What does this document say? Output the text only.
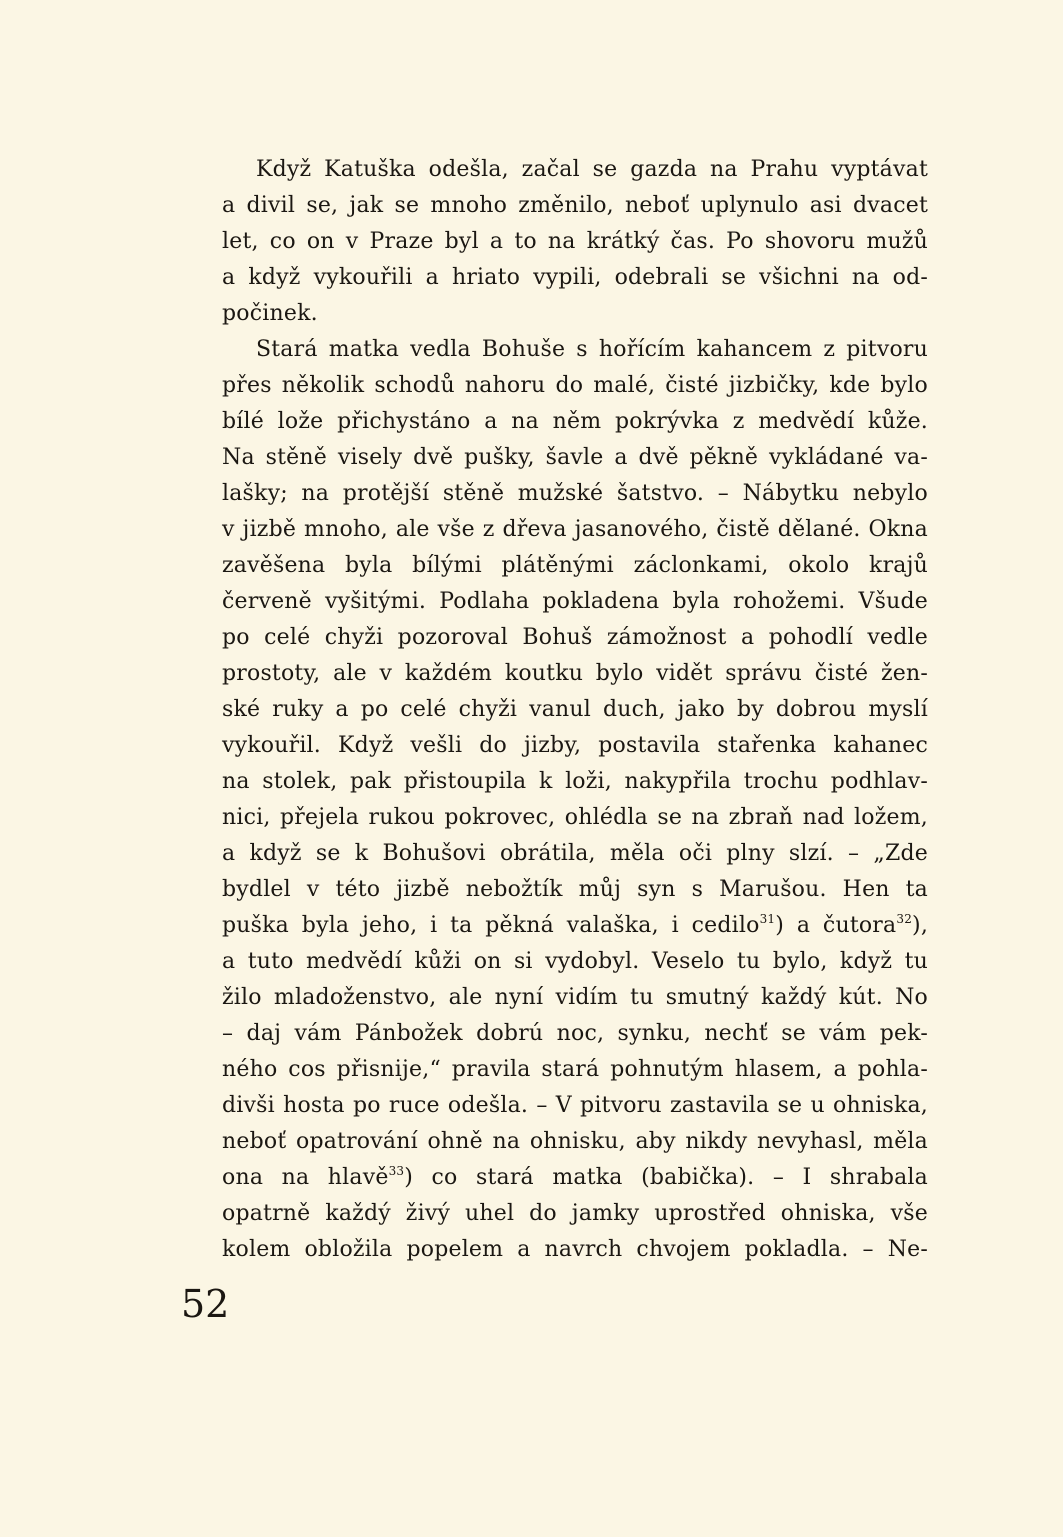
Když Katuška odešla, začal se gazda na Prahu vyptávat
a divil se, jak se mnoho změnilo, neboť uplynulo asi dvacet
let, co on v Praze byl a to na krátký čas. Po shovoru mužů
a když vykouřili a hriato vypili, odebrali se všichni na od-
počinek.
Stará matka vedla Bohuše s hořícím kahancem z pitvoru
přes několik schodů nahoru do malé, čisté jizbičky, kde bylo
bílé lože přichystáno a na něm pokrývka z medvědí kůže.
Na stěně visely dvě pušky, šavle a dvě pěkně vykládané va-
lašky; na protější stěně mužské šatstvo. – Nábytku nebylo
v jizbě mnoho, ale vše z dřeva jasanového, čistě dělané. Okna
zavěšena byla bílými plátěnými záclonkami, okolo krajů
červeně vyšitými. Podlaha pokladena byla rohožemi. Všude
po celé chyži pozoroval Bohuš zámožnost a pohodlí vedle
prostoty, ale v každém koutku bylo vidět správu čisté žen-
ské ruky a po celé chyži vanul duch, jako by dobrou myslí
vykouřil. Když vešli do jizby, postavila stařenka kahanec
na stolek, pak přistoupila k loži, nakypřila trochu podhlav-
nici, přejela rukou pokrovec, ohlédla se na zbraň nad ložem,
a když se k Bohušovi obrátila, měla oči plny slzí. – „Zde
bydlel v této jizbě nebožtík můj syn s Marušou. Hen ta
puška byla jeho, i ta pěkná valaška, i cedilo$^{31}$) a čutora$^{32}$),
a tuto medvědí kůži on si vydobyl. Veselo tu bylo, když tu
žilo mladoženstvo, ale nyní vidím tu smutný každý kút. No
– daj vám Pánbožek dobrú noc, synku, nechť se vám pek-
ného cos přisnije,“ pravila stará pohnutým hlasem, a pohla-
divši hosta po ruce odešla. – V pitvoru zastavila se u ohniska,
neboť opatrování ohně na ohnisku, aby nikdy nevyhasl, měla
ona na hlavě$^{33}$) co stará matka (babička). – I shrabala
opatrně každý živý uhel do jamky uprostřed ohniska, vše
kolem obložila popelem a navrch chvojem pokladla. – Ne-
52
